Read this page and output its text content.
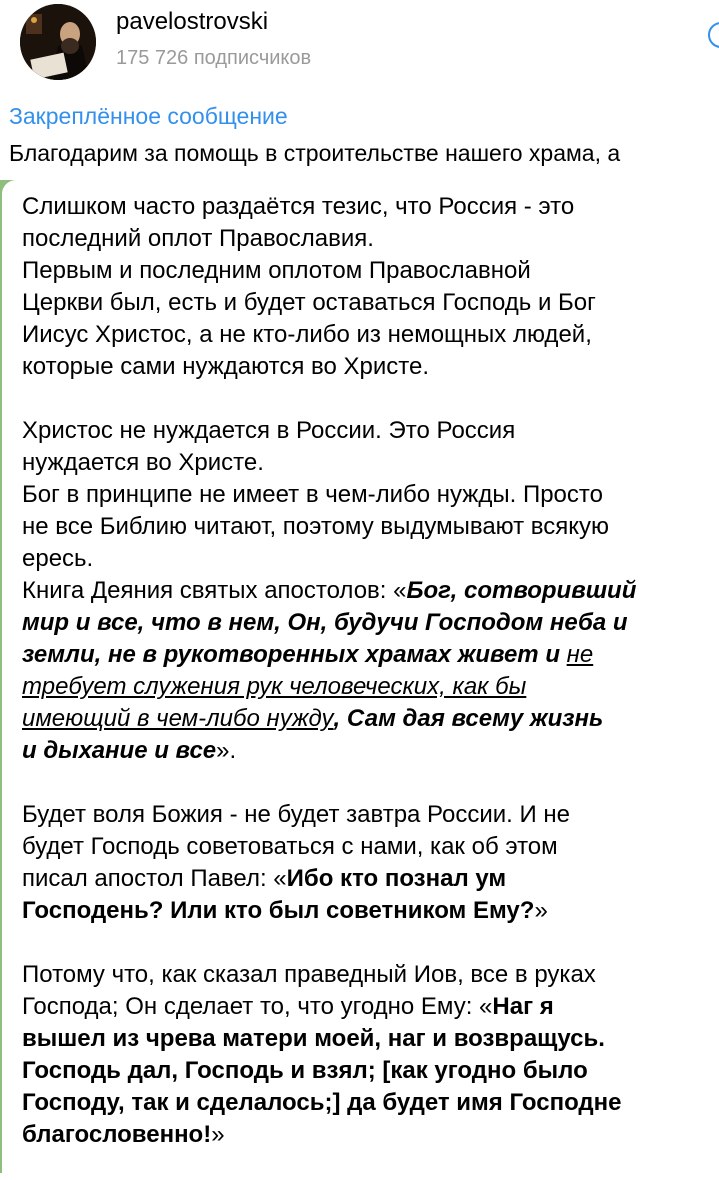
pavelostrovski
175 726 подписчиков
Закреплённое сообщение
Благодарим за помощь в строительстве нашего храма, а

Слишком часто раздаётся тезис, что Россия - это
последний оплот Православия.
Первым и последним оплотом Православной
Церкви был, есть и будет оставаться Господь и Бог
Иисус Христос, а не кто-либо из немощных людей,
которые сами нуждаются во Христе.

Христос не нуждается в России. Это Россия
нуждается во Христе.
Бог в принципе не имеет в чем-либо нужды. Просто
не все Библию читают, поэтому выдумывают всякую
ересь.
Книга Деяния святых апостолов: «Бог, сотворивший
мир и все, что в нем, Он, будучи Господом неба и
земли, не в рукотворенных храмах живет и не
требует служения рук человеческих, как бы
имеющий в чем-либо нужду, Сам дая всему жизнь
и дыхание и все».

Будет воля Божия - не будет завтра России. И не
будет Господь советоваться с нами, как об этом
писал апостол Павел: «Ибо кто познал ум
Господень? Или кто был советником Ему?»

Потому что, как сказал праведный Иов, все в руках
Господа; Он сделает то, что угодно Ему: «Наг я
вышел из чрева матери моей, наг и возвращусь.
Господь дал, Господь и взял; [как угодно было
Господу, так и сделалось;] да будет имя Господне
благословенно!»
